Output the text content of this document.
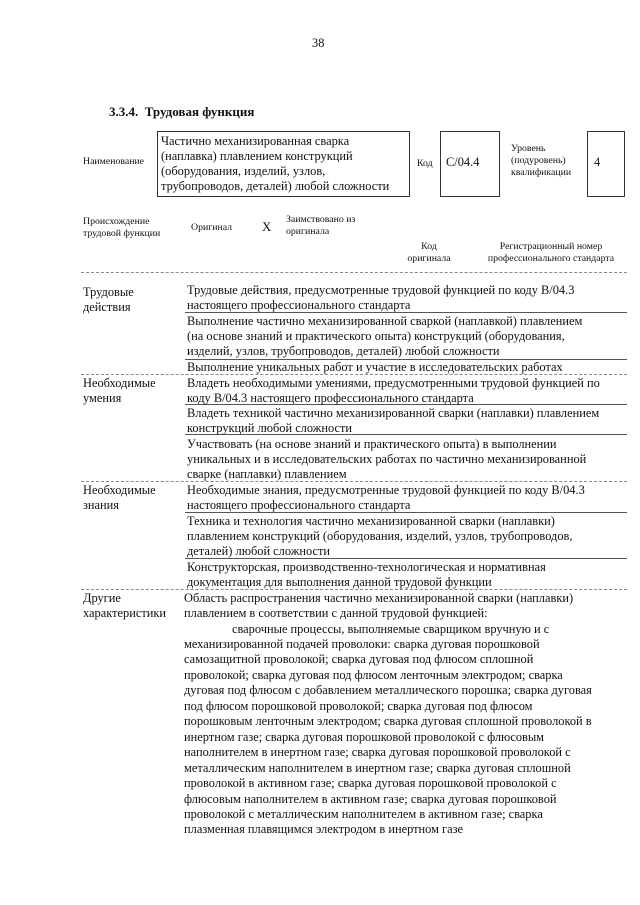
38
3.3.4. Трудовая функция
Наименование
Частично механизированная сварка
(наплавка) плавлением конструкций
(оборудования, изделий, узлов,
трубопроводов, деталей) любой сложности
Код C/04.4
Уровень
(подуровень)
квалификации
4
Происхождение
трудовой функции
Оригинал X Заимствовано из
оригинала
Код
оригинала
Регистрационный номер
профессионального стандарта
Трудовые
действия
Необходимые
умения
Необходимые
знания
Другие
характеристики
Трудовые действия, предусмотренные трудовой функцией по коду В/04.3
настоящего профессионального стандарта
Выполнение частично механизированной сваркой (наплавкой) плавлением
(на основе знаний и практического опыта) конструкций (оборудования,
изделий, узлов, трубопроводов, деталей) любой сложности
Выполнение уникальных работ и участие в исследовательских работах
Владеть необходимыми умениями, предусмотренными трудовой функцией по
коду В/04.3 настоящего профессионального стандарта
Владеть техникой частично механизированной сварки (наплавки) плавлением
конструкций любой сложности
Участвовать (на основе знаний и практического опыта) в выполнении
уникальных и в исследовательских работах по частично механизированной
сварке (наплавки) плавлением
Необходимые знания, предусмотренные трудовой функцией по коду В/04.3
настоящего профессионального стандарта
Техника и технология частично механизированной сварки (наплавки)
плавлением конструкций (оборудования, изделий, узлов, трубопроводов,
деталей) любой сложности
Конструкторская, производственно-технологическая и нормативная
документация для выполнения данной трудовой функции
Область распространения частично механизированной сварки (наплавки)
плавлением в соответствии с данной трудовой функцией:
сварочные процессы, выполняемые сварщиком вручную и с
механизированной подачей проволоки: сварка дуговая порошковой
самозащитной проволокой; сварка дуговая под флюсом сплошной
проволокой; сварка дуговая под флюсом ленточным электродом; сварка
дуговая под флюсом с добавлением металлического порошка; сварка дуговая
под флюсом порошковой проволокой; сварка дуговая под флюсом
порошковым ленточным электродом; сварка дуговая сплошной проволокой в
инертном газе; сварка дуговая порошковой проволокой с флюсовым
наполнителем в инертном газе; сварка дуговая порошковой проволокой с
металлическим наполнителем в инертном газе; сварка дуговая сплошной
проволокой в активном газе; сварка дуговая порошковой проволокой с
флюсовым наполнителем в активном газе; сварка дуговая порошковой
проволокой с металлическим наполнителем в активном газе; сварка
плазменная плавящимся электродом в инертном газе
